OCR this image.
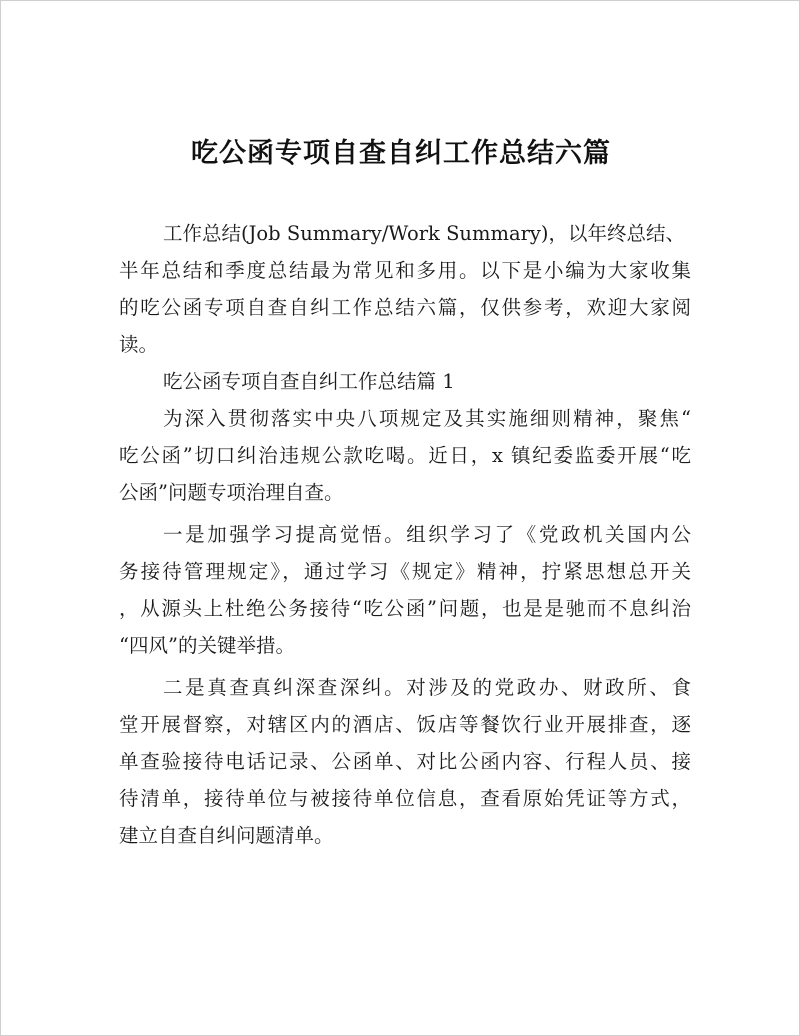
吃公函专项自查自纠工作总结六篇
工作总结(Job Summary/Work Summary)，以年终总结、
半年总结和季度总结最为常见和多用。以下是小编为大家收集
的吃公函专项自查自纠工作总结六篇，仅供参考，欢迎大家阅
读。
吃公函专项自查自纠工作总结篇 1
为深入贯彻落实中央八项规定及其实施细则精神，聚焦“
吃公函”切口纠治违规公款吃喝。近日，x 镇纪委监委开展“吃
公函”问题专项治理自查。
一是加强学习提高觉悟。组织学习了《党政机关国内公
务接待管理规定》，通过学习《规定》精神，拧紧思想总开关
，从源头上杜绝公务接待“吃公函”问题，也是是驰而不息纠治
“四风”的关键举措。
二是真查真纠深查深纠。对涉及的党政办、财政所、食
堂开展督察，对辖区内的酒店、饭店等餐饮行业开展排查，逐
单查验接待电话记录、公函单、对比公函内容、行程人员、接
待清单，接待单位与被接待单位信息，查看原始凭证等方式，
建立自查自纠问题清单。
